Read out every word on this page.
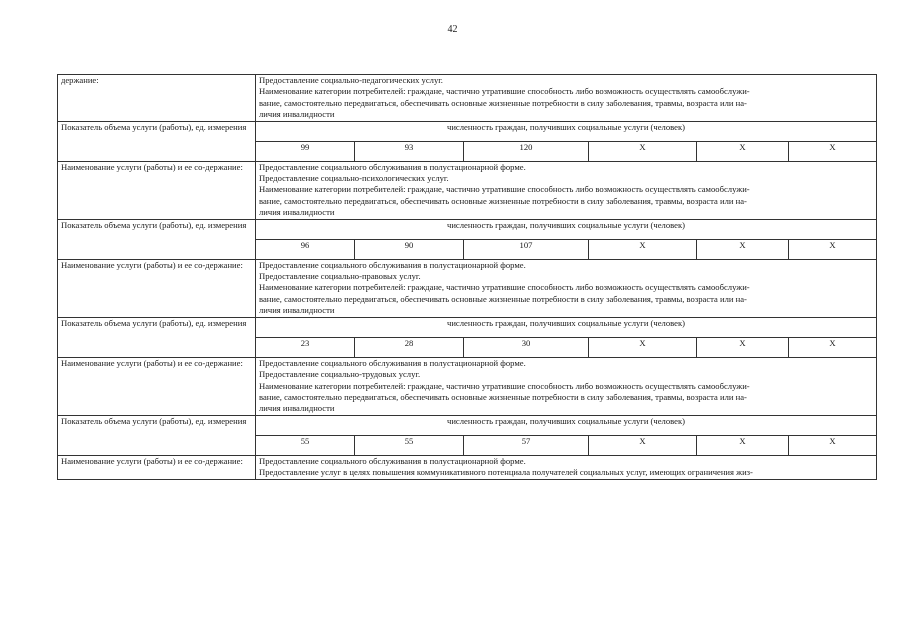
42
держание:	Предоставление социально-педагогических услуг.
Наименование категории потребителей: граждане, частично утратившие способность либо возможность осуществлять самообслужи-
вание, самостоятельно передвигаться, обеспечивать основные жизненные потребности в силу заболевания, травмы, возраста или на-
личия инвалидности					

Показатель объема услуги (работы), ед. измерения	численность граждан, получивших социальные услуги (человек)					
	99	93	120	Х	Х	Х
Наименование услуги (работы) и ее со-держание:	Предоставление социального обслуживания в полустационарной форме.
Предоставление социально-психологических услуг.
Наименование категории потребителей: граждане, частично утратившие способность либо возможность осуществлять самообслужи-
вание, самостоятельно передвигаться, обеспечивать основные жизненные потребности в силу заболевания, травмы, возраста или на-
личия инвалидности					

Показатель объема услуги (работы), ед. измерения	численность граждан, получивших социальные услуги (человек)					
	96	90	107	Х	Х	Х
Наименование услуги (работы) и ее со-держание:	Предоставление социального обслуживания в полустационарной форме.
Предоставление социально-правовых услуг.
Наименование категории потребителей: граждане, частично утратившие способность либо возможность осуществлять самообслужи-
вание, самостоятельно передвигаться, обеспечивать основные жизненные потребности в силу заболевания, травмы, возраста или на-
личия инвалидности					

Показатель объема услуги (работы), ед. измерения	численность граждан, получивших социальные услуги (человек)					
	23	28	30	Х	Х	Х
Наименование услуги (работы) и ее со-держание:	Предоставление социального обслуживания в полустационарной форме.
Предоставление социально-трудовых услуг.
Наименование категории потребителей: граждане, частично утратившие способность либо возможность осуществлять самообслужи-
вание, самостоятельно передвигаться, обеспечивать основные жизненные потребности в силу заболевания, травмы, возраста или на-
личия инвалидности					

Показатель объема услуги (работы), ед. измерения	численность граждан, получивших социальные услуги (человек)					
	55	55	57	Х	Х	Х
Наименование услуги (работы) и ее со-держание:	Предоставление социального обслуживания в полустационарной форме.
Предоставление услуг в целях повышения коммуникативного потенциала получателей социальных услуг, имеющих ограничения жиз-					
